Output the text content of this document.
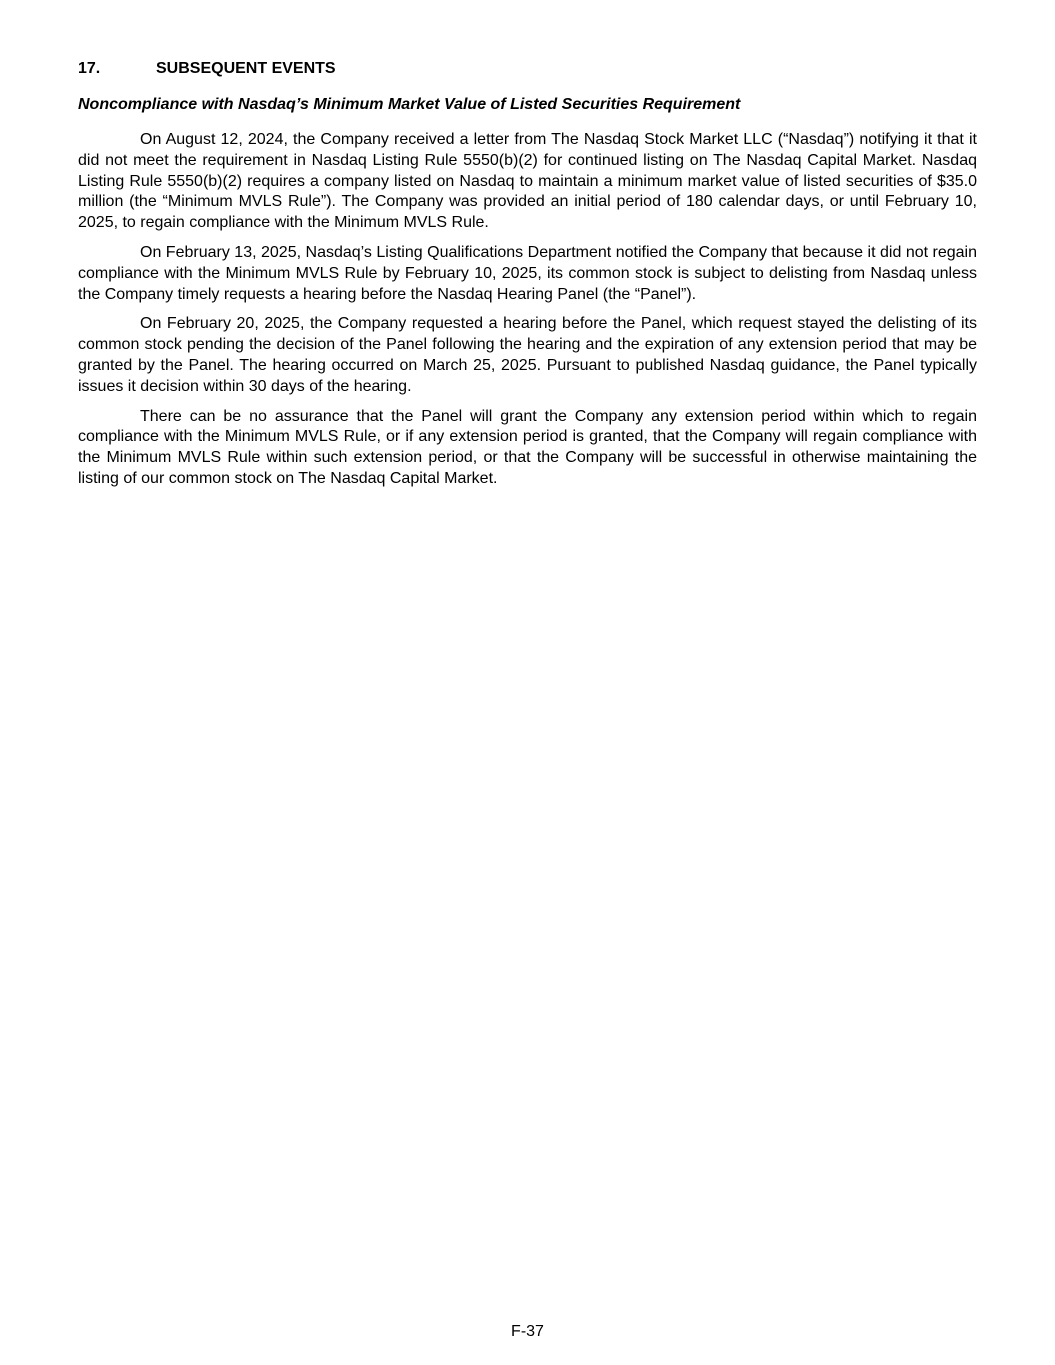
17.	SUBSEQUENT EVENTS
Noncompliance with Nasdaq’s Minimum Market Value of Listed Securities Requirement

On August 12, 2024, the Company received a letter from The Nasdaq Stock Market LLC (“Nasdaq”) notifying it that it did not meet the requirement in Nasdaq Listing Rule 5550(b)(2) for continued listing on The Nasdaq Capital Market. Nasdaq Listing Rule 5550(b)(2) requires a company listed on Nasdaq to maintain a minimum market value of listed securities of $35.0 million (the “Minimum MVLS Rule”). The Company was provided an initial period of 180 calendar days, or until February 10, 2025, to regain compliance with the Minimum MVLS Rule.

On February 13, 2025, Nasdaq’s Listing Qualifications Department notified the Company that because it did not regain compliance with the Minimum MVLS Rule by February 10, 2025, its common stock is subject to delisting from Nasdaq unless the Company timely requests a hearing before the Nasdaq Hearing Panel (the “Panel”).

On February 20, 2025, the Company requested a hearing before the Panel, which request stayed the delisting of its common stock pending the decision of the Panel following the hearing and the expiration of any extension period that may be granted by the Panel. The hearing occurred on March 25, 2025. Pursuant to published Nasdaq guidance, the Panel typically issues it decision within 30 days of the hearing.

There can be no assurance that the Panel will grant the Company any extension period within which to regain compliance with the Minimum MVLS Rule, or if any extension period is granted, that the Company will regain compliance with the Minimum MVLS Rule within such extension period, or that the Company will be successful in otherwise maintaining the listing of our common stock on The Nasdaq Capital Market.

F-37
